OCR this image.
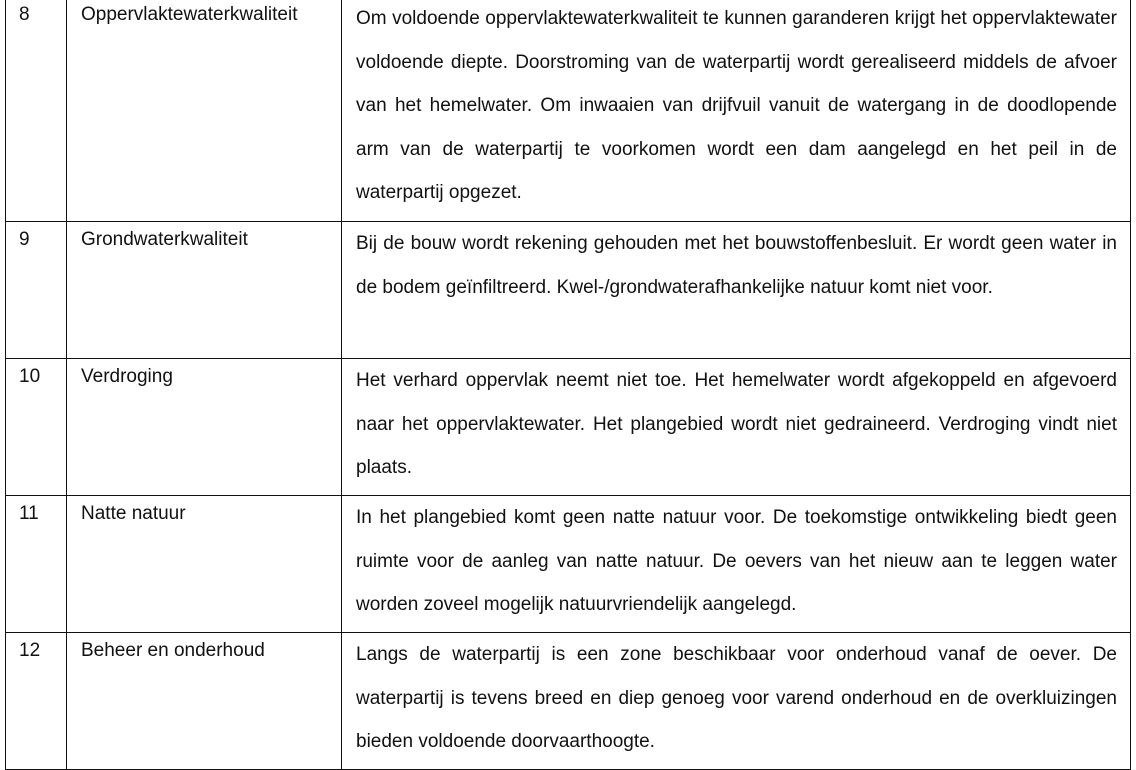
8	Oppervlaktewaterkwaliteit	Om voldoende oppervlaktewaterkwaliteit te kunnen garanderen krijgt het oppervlaktewater voldoende diepte. Doorstroming van de waterpartij wordt gerealiseerd middels de afvoer van het hemelwater. Om inwaaien van drijfvuil vanuit de watergang in de doodlopende arm van de waterpartij te voorkomen wordt een dam aangelegd en het peil in de waterpartij opgezet.
9	Grondwaterkwaliteit	Bij de bouw wordt rekening gehouden met het bouwstoffenbesluit. Er wordt geen water in de bodem geïnfiltreerd. Kwel-/grondwaterafhankelijke natuur komt niet voor.
10	Verdroging	Het verhard oppervlak neemt niet toe. Het hemelwater wordt afgekoppeld en afgevoerd naar het oppervlaktewater. Het plangebied wordt niet gedraineerd. Verdroging vindt niet plaats.
11	Natte natuur	In het plangebied komt geen natte natuur voor. De toekomstige ontwikkeling biedt geen ruimte voor de aanleg van natte natuur. De oevers van het nieuw aan te leggen water worden zoveel mogelijk natuurvriendelijk aangelegd.
12	Beheer en onderhoud	Langs de waterpartij is een zone beschikbaar voor onderhoud vanaf de oever. De waterpartij is tevens breed en diep genoeg voor varend onderhoud en de overkluizingen bieden voldoende doorvaarthoogte.
